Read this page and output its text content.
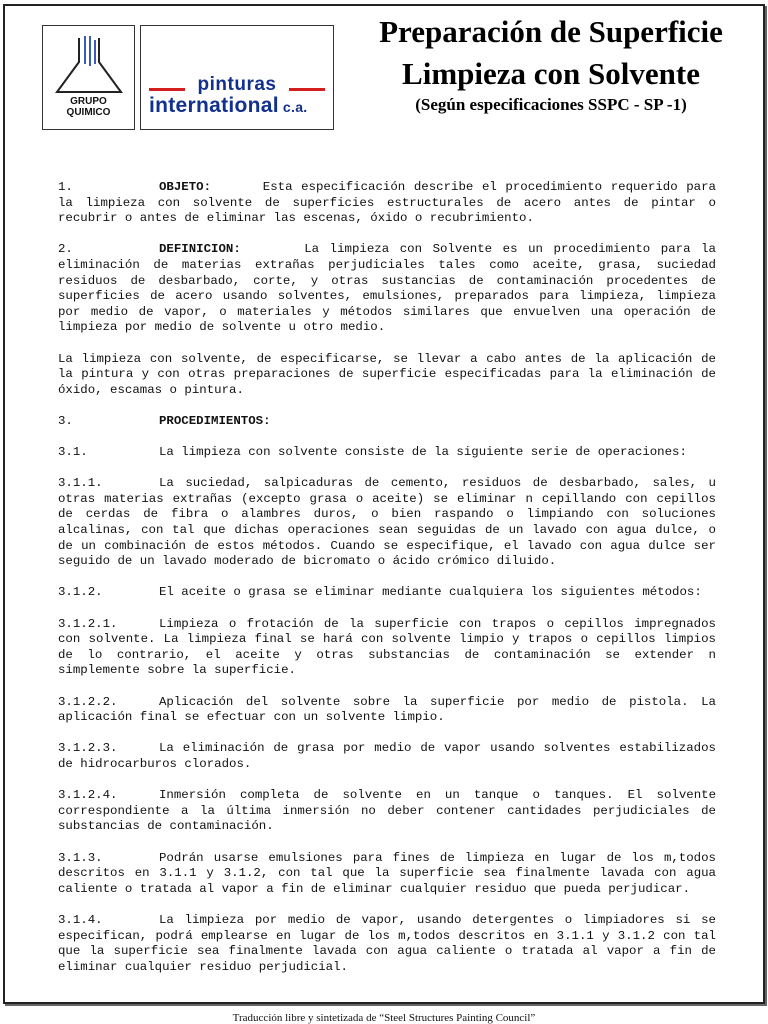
GRUPO
QUIMICO
pinturas
international c.a.
Preparación de Superficie
Limpieza con Solvente
(Según especificaciones SSPC - SP -1)

1.	OBJETO:	Esta especificación describe el procedimiento requerido para la limpieza con solvente de superficies estructurales de acero antes de pintar o recubrir o antes de eliminar las escenas, óxido o recubrimiento.

2.	DEFINICION:	La limpieza con Solvente es un procedimiento para la eliminación de materias extrañas perjudiciales tales como aceite, grasa, suciedad residuos de desbarbado, corte, y otras sustancias de contaminación procedentes de superficies de acero usando solventes, emulsiones, preparados para limpieza, limpieza por medio de vapor, o materiales y métodos similares que envuelven una operación de limpieza por medio de solvente u otro medio.

La limpieza con solvente, de especificarse, se llevar a cabo antes de la aplicación de la pintura y con otras preparaciones de superficie especificadas para la eliminación de óxido, escamas o pintura.

3.	PROCEDIMIENTOS:

3.1.	La limpieza con solvente consiste de la siguiente serie de operaciones:

3.1.1.	La suciedad, salpicaduras de cemento, residuos de desbarbado, sales, u otras materias extrañas (excepto grasa o aceite) se eliminar n cepillando con cepillos de cerdas de fibra o alambres duros, o bien raspando o limpiando con soluciones alcalinas, con tal que dichas operaciones sean seguidas de un lavado con agua dulce, o de un combinación de estos métodos. Cuando se especifique, el lavado con agua dulce ser seguido de un lavado moderado de bicromato o ácido crómico diluido.

3.1.2.	El aceite o grasa se eliminar mediante cualquiera los siguientes métodos:

3.1.2.1.	Limpieza o frotación de la superficie con trapos o cepillos impregnados con solvente. La limpieza final se hará con solvente limpio y trapos o cepillos limpios de lo contrario, el aceite y otras substancias de contaminación se extender n simplemente sobre la superficie.

3.1.2.2.	Aplicación del solvente sobre la superficie por medio de pistola. La aplicación final se efectuar con un solvente limpio.

3.1.2.3.	La eliminación de grasa por medio de vapor usando solventes estabilizados de hidrocarburos clorados.

3.1.2.4.	Inmersión completa de solvente en un tanque o tanques. El solvente correspondiente a la última inmersión no deber contener cantidades perjudiciales de substancias de contaminación.

3.1.3.	Podrán usarse emulsiones para fines de limpieza en lugar de los m,todos descritos en 3.1.1 y 3.1.2, con tal que la superficie sea finalmente lavada con agua caliente o tratada al vapor a fin de eliminar cualquier residuo que pueda perjudicar.

3.1.4.	La limpieza por medio de vapor, usando detergentes o limpiadores si se especifican, podrá emplearse en lugar de los m,todos descritos en 3.1.1 y 3.1.2 con tal que la superficie sea finalmente lavada con agua caliente o tratada al vapor a fin de eliminar cualquier residuo perjudicial.

Traducción libre y sintetizada de “Steel Structures Painting Council”
